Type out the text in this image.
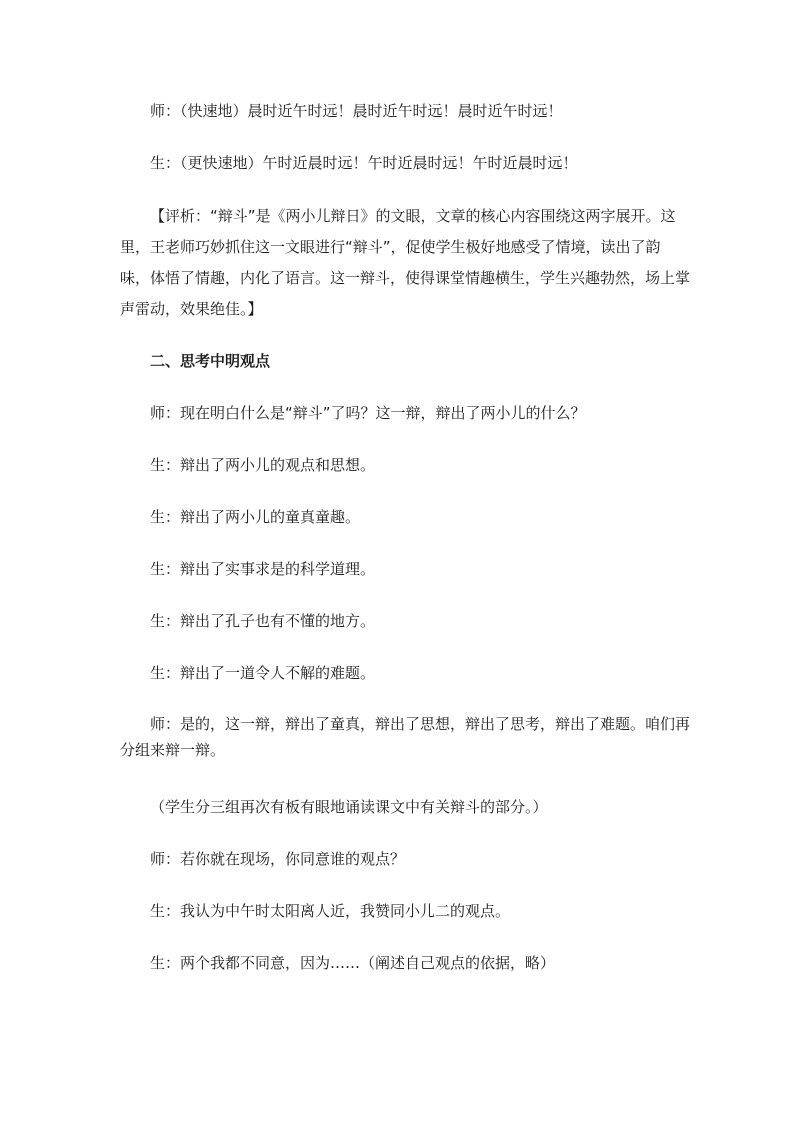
师：（快速地）晨时近午时远！晨时近午时远！晨时近午时远！

生：（更快速地）午时近晨时远！午时近晨时远！午时近晨时远！

【评析：“辩斗”是《两小儿辩日》的文眼，文章的核心内容围绕这两字展开。这里，王老师巧妙抓住这一文眼进行“辩斗”，促使学生极好地感受了情境，读出了韵味，体悟了情趣，内化了语言。这一辩斗，使得课堂情趣横生，学生兴趣勃然，场上掌声雷动，效果绝佳。】

二、思考中明观点

师：现在明白什么是“辩斗”了吗？这一辩，辩出了两小儿的什么？

生：辩出了两小儿的观点和思想。

生：辩出了两小儿的童真童趣。

生：辩出了实事求是的科学道理。

生：辩出了孔子也有不懂的地方。

生：辩出了一道令人不解的难题。

师：是的，这一辩，辩出了童真，辩出了思想，辩出了思考，辩出了难题。咱们再分组来辩一辩。

（学生分三组再次有板有眼地诵读课文中有关辩斗的部分。）

师：若你就在现场，你同意谁的观点？

生：我认为中午时太阳离人近，我赞同小儿二的观点。

生：两个我都不同意，因为……（阐述自己观点的依据，略）
